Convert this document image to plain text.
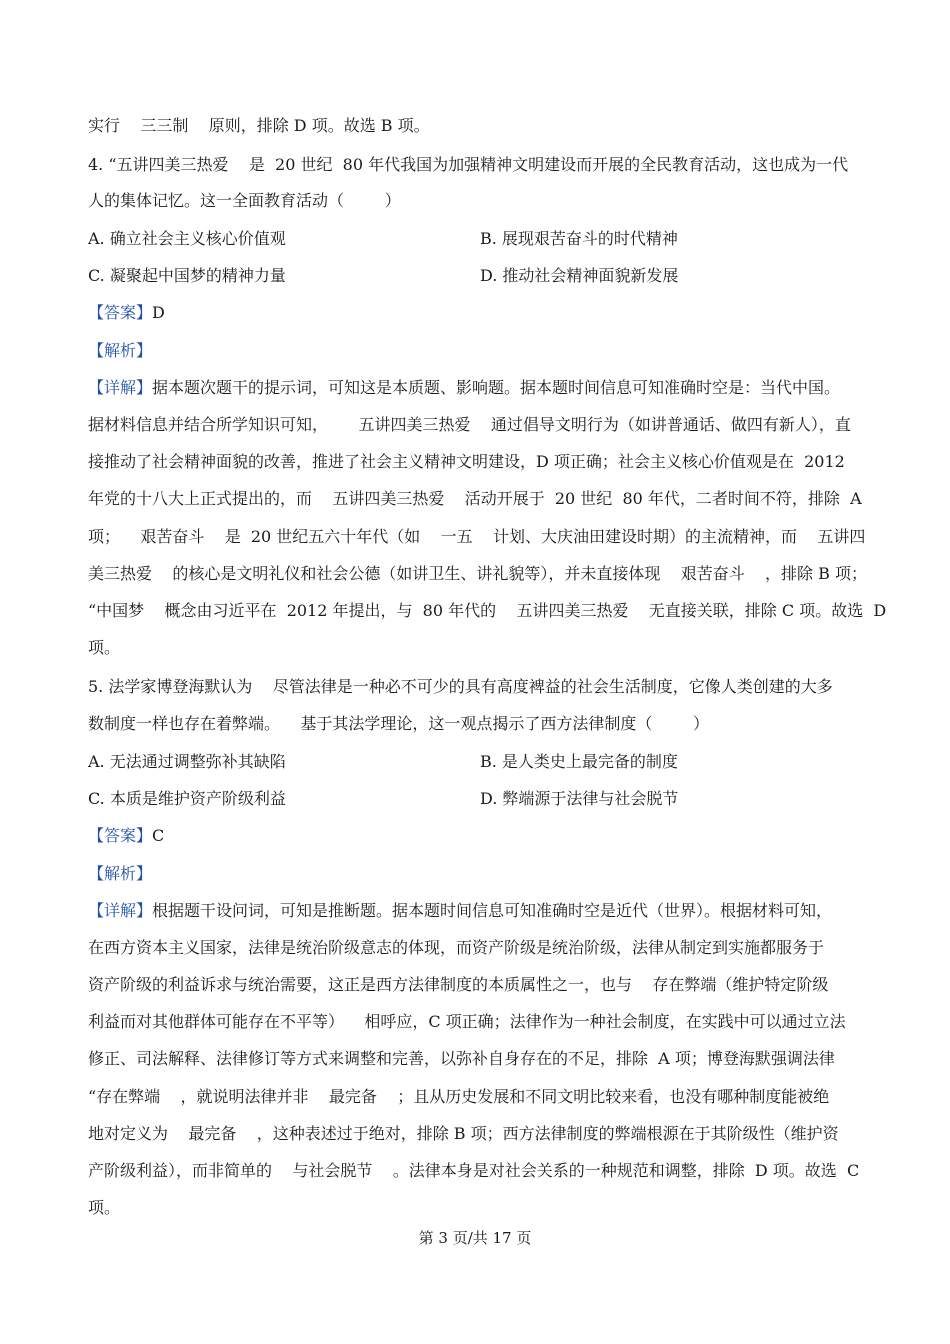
实行    三三制    原则，排除 D 项。故选 B 项。
4. “五讲四美三热爱    是  20 世纪  80 年代我国为加强精神文明建设而开展的全民教育活动，这也成为一代
人的集体记忆。这一全面教育活动（        ）
A. 确立社会主义核心价值观	B. 展现艰苦奋斗的时代精神
C. 凝聚起中国梦的精神力量	D. 推动社会精神面貌新发展
【答案】D
【解析】
【详解】据本题次题干的提示词，可知这是本质题、影响题。据本题时间信息可知准确时空是：当代中国。
据材料信息并结合所学知识可知，      五讲四美三热爱    通过倡导文明行为（如讲普通话、做四有新人），直
接推动了社会精神面貌的改善，推进了社会主义精神文明建设，D 项正确；社会主义核心价值观是在  2012
年党的十八大上正式提出的，而    五讲四美三热爱    活动开展于  20 世纪  80 年代，二者时间不符，排除  A
项；    艰苦奋斗    是  20 世纪五六十年代（如    一五    计划、大庆油田建设时期）的主流精神，而    五讲四
美三热爱    的核心是文明礼仪和社会公德（如讲卫生、讲礼貌等），并未直接体现    艰苦奋斗    ，排除 B 项；
“中国梦    概念由习近平在  2012 年提出，与  80 年代的    五讲四美三热爱    无直接关联，排除 C 项。故选  D
项。
5. 法学家博登海默认为    尽管法律是一种必不可少的具有高度裨益的社会生活制度，它像人类创建的大多
数制度一样也存在着弊端。    基于其法学理论，这一观点揭示了西方法律制度（        ）
A. 无法通过调整弥补其缺陷	B. 是人类史上最完备的制度
C. 本质是维护资产阶级利益	D. 弊端源于法律与社会脱节
【答案】C
【解析】
【详解】根据题干设问词，可知是推断题。据本题时间信息可知准确时空是近代（世界）。根据材料可知，
在西方资本主义国家，法律是统治阶级意志的体现，而资产阶级是统治阶级，法律从制定到实施都服务于
资产阶级的利益诉求与统治需要，这正是西方法律制度的本质属性之一，也与    存在弊端（维护特定阶级
利益而对其他群体可能存在不平等）    相呼应，C 项正确；法律作为一种社会制度，在实践中可以通过立法
修正、司法解释、法律修订等方式来调整和完善，以弥补自身存在的不足，排除  A 项；博登海默强调法律
“存在弊端    ，就说明法律并非    最完备    ；且从历史发展和不同文明比较来看，也没有哪种制度能被绝
地对定义为    最完备    ，这种表述过于绝对，排除 B 项；西方法律制度的弊端根源在于其阶级性（维护资
产阶级利益），而非简单的    与社会脱节    。法律本身是对社会关系的一种规范和调整，排除  D 项。故选  C
项。
第 3 页/共 17 页
